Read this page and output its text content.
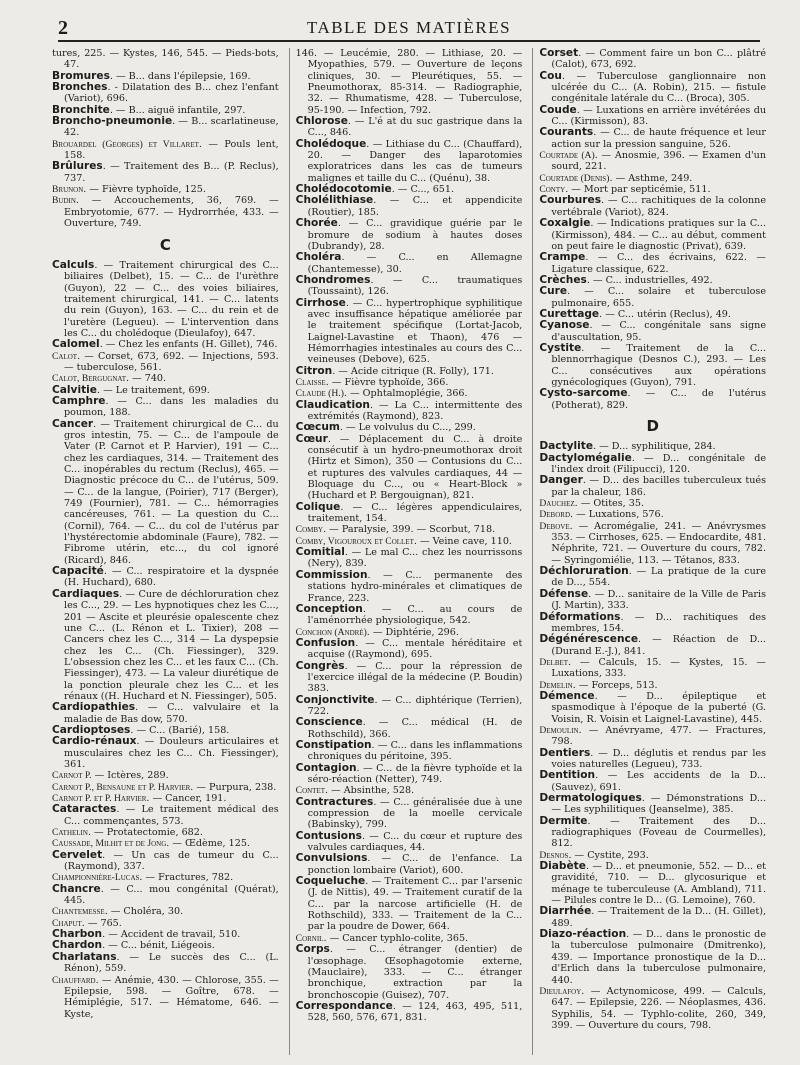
2	TABLE DES MATIÈRES

tures, 225. — Kystes, 146, 545. — Pieds-bots, 47.

Bromures. — B... dans l'épilepsie, 169.

Bronches. - Dilatation des B... chez l'enfant (Variot), 696.

Bronchite. — B... aiguë infantile, 297.

Broncho-pneumonie. — B... scarlatineuse, 42.

Brouardel (Georges) et Villaret. — Pouls lent, 158.

Brûlures. — Traitement des B... (P. Reclus), 737.

Brunon. — Fièvre typhoïde, 125.

Budin. — Accouchements, 36, 769. — Embryotomie, 677. — Hydrorrhée, 433. — Ouverture, 749.

C

Calculs. — Traitement chirurgical des C... biliaires (Delbet), 15. — C... de l'urèthre (Guyon), 22 — C... des voies biliaires, traitement chirurgical, 141. — C... latents du rein (Guyon), 163. — C... du rein et de l'uretère (Legueu). — L'intervention dans les C... du cholédoque (Dieulafoy), 647.

Calomel. — Chez les enfants (H. Gillet), 746.

Calot. — Corset, 673, 692. — Injections, 593. — tuberculose, 561.

Calot, Bergugnat. — 740.

Calvitie. — Le traitement, 699.

Camphre. — C... dans les maladies du poumon, 188.

Cancer. — Traitement chirurgical de C... du gros intestin, 75. — C... de l'ampoule de Vater (P. Carnot et P. Harvier), 191 — C... chez les cardiaques, 314. — Traitement des C... inopérables du rectum (Reclus), 465. — Diagnostic précoce du C... de l'utérus, 509. — C... de la langue, (Poirier), 717 (Berger), 749 (Fournier), 781. — C... hémorragies cancéreuses, 761. — La question du C... (Cornil), 764. — C... du col de l'utérus par l'hystérectomie abdominale (Faure), 782. — Fibrome utérin, etc..., du col ignoré (Ricard), 846.

Capacité. — C... respiratoire et la dyspnée (H. Huchard), 680.

Cardiaques. — Cure de déchloruration chez les C..., 29. — Les hypnotiques chez les C..., 201 — Ascite et pleurésie opalescente chez une C... (L. Rénon et L. Tixier), 208 — Cancers chez les C..., 314 — La dyspepsie chez les C... (Ch. Fiessinger), 329. L'obsession chez les C... et les faux C... (Ch. Fiessinger), 473. — La valeur diurétique de la ponction pleurale chez les C... et les rénaux ((H. Huchard et N. Fiessinger), 505.

Cardiopathies. — C... valvulaire et la maladie de Bas dow, 570.

Cardioptoses. — C... (Barié), 158.

Cardio-rénaux. — Douleurs articulaires et musculaires chez les C... Ch. Fiessinger), 361.

Carnot P. — Ictères, 289.

Carnot P., Bensaune et P. Harvier. — Purpura, 238.

Carnot P. et P. Harvier. — Cancer, 191.

Cataractes. — Le traitement médical des C... commençantes, 573.

Cathelin. — Protatectomie, 682.

Caussade, Milhit et de Jong. — Œdème, 125.

Cervelet. — Un cas de tumeur du C... (Raymond), 337.

Championnière-Lucas. — Fractures, 782.

Chancre. — C... mou congénital (Quérat), 445.

Chantemesse. — Choléra, 30.

Chaput. — 765.

Charbon. — Accident de travail, 510.

Chardon. — C... bénit, Liégeois.

Charlatans. — Le succès des C... (L. Rénon), 559.

Chauffard. — Anémie, 430. — Chlorose, 355. — Epilepsie, 598. — Goître, 678. — Hémiplégie, 517. — Hématome, 646. — Kyste,

146. — Leucémie, 280. — Lithiase, 20. — Myopathies, 579. — Ouverture de leçons cliniques, 30. — Pleurétiques, 55. — Pneumothorax, 85-314. — Radiographie, 32. — Rhumatisme, 428. — Tuberculose, 95-190. — Infection, 792.

Chlorose. — L'é at du suc gastrique dans la C..., 846.

Cholédoque. — Lithiase du C... (Chauffard), 20. — Danger des laparotomies exploratrices dans les cas de tumeurs malignes et taille du C... (Quénu), 38.

Cholédocotomie. — C..., 651.

Cholélithiase. — C... et appendicite (Routier), 185.

Chorée. — C... gravidique guérie par le bromure de sodium à hautes doses (Dubrandy), 28.

Choléra. — C... en Allemagne (Chantemesse), 30.

Chondromes. — C... traumatiques (Toussaint), 126.

Cirrhose. — C... hypertrophique syphilitique avec insuffisance hépatique améliorée par le traitement spécifique (Lortat-Jacob, Laignel-Lavastine et Thaon), 476 — Hémorrhagies intestinales au cours des C... veineuses (Debove), 625.

Citron. — Acide citrique (R. Folly), 171.

Claisse. — Fièvre typhoïde, 366.

Claude (H.). — Ophtalmoplégie, 366.

Claudication. — La C... intermittente des extrémités (Raymond), 823.

Cœcum. — Le volvulus du C..., 299.

Cœur. — Déplacement du C... à droite consécutif à un hydro-pneumothorax droit (Hirtz et Simon), 350 — Contusions du C... et ruptures des valvules cardiaques, 44 — Bloquage du C..., ou « Heart-Block » (Huchard et P. Bergouignan), 821.

Colique. — C... légères appendiculaires, traitement, 154.

Comby. — Paralysie, 399. — Scorbut, 718.

Comby, Vigouroux et Collet. — Veine cave, 110.

Comitial. — Le mal C... chez les nourrissons (Nery), 839.

Commission. — C... permanente des stations hydro-minérales et climatiques de France, 223.

Conception. — C... au cours de l'aménorrhée physiologique, 542.

Conchon (André). — Diphtérie, 296.

Confusion. — C... mentale héréditaire et acquise ((Raymond), 695.

Congrès. — C... pour la répression de l'exercice illégal de la médecine (P. Boudin) 383.

Conjonctivite. — C... diphtérique (Terrien), 722.

Conscience. — C... médical (H. de Rothschild), 366.

Constipation. — C... dans les inflammations chroniques du péritoine, 395.

Contagion. — C... de la fièvre typhoïde et la séro-réaction (Netter), 749.

Contet. — Absinthe, 528.

Contractures. — C... généralisée due à une compression de la moelle cervicale (Babinsky), 799.

Contusions. — C... du cœur et rupture des valvules cardiaques, 44.

Convulsions. — C... de l'enfance. La ponction lombaire (Variot), 600.

Coqueluche. — Traitement C... par l'arsenic (J. de Nittis), 49. — Traitement curatif de la C... par la narcose artificielle (H. de Rothschild), 333. — Traitement de la C... par la poudre de Dower, 664.

Cornil. — Cancer typhlo-colite, 365.

Corps. — C... étranger (dentier) de l'œsophage. Œsophagotomie externe, (Mauclaire), 333. — C... étranger bronchique, extraction par la bronchoscopie (Guisez), 707.

Correspondance. — 124, 463, 495, 511, 528, 560, 576, 671, 831.

Corset. — Comment faire un bon C... plâtré (Calot), 673, 692.

Cou. — Tuberculose ganglionnaire non ulcérée du C... (A. Robin), 215. — fistule congénitale latérale du C... (Broca), 305.

Coude. — Luxations en arrière invétérées du C... (Kirmisson), 83.

Courants. — C... de haute fréquence et leur action sur la pression sanguine, 526.

Courtade (A). — Anosmie, 396. — Examen d'un sourd, 221.

Courtade (Denis). — Asthme, 249.

Conty. — Mort par septicémie, 511.

Courbures. — C... rachitiques de la colonne vertébrale (Variot), 824.

Coxalgie. — Indications pratiques sur la C... (Kirmisson), 484. — C... au début, comment on peut faire le diagnostic (Privat), 639.

Crampe. — C... des écrivains, 622. — Ligature classique, 622.

Crèches. — C... industrielles, 492.

Cure. — C... solaire et tuberculose pulmonaire, 655.

Curettage. — C... utérin (Reclus), 49.

Cyanose. — C... congénitale sans signe d'auscultation, 95.

Cystite. — Traitement de la C... blennorrhagique (Desnos C.), 293. — Les C... consécutives aux opérations gynécologiques (Guyon), 791.

Cysto-sarcome. — C... de l'utérus (Potherat), 829.

D

Dactylite. — D... syphilitique, 284.

Dactylomégalie. — D... congénitale de l'index droit (Filipucci), 120.

Danger. — D... des bacilles tuberculeux tués par la chaleur, 186.

Dauchez. — Otites, 35.

Debord. — Luxations, 576.

Debove. — Acromégalie, 241. — Anévrysmes 353. — Cirrhoses, 625. — Endocardite, 481. Néphrite, 721. — Ouverture du cours, 782. — Syringomiélie, 113. — Tétanos, 833.

Déchloruration. — La pratique de la cure de D..., 554.

Défense. — D... sanitaire de la Ville de Paris (J. Martin), 333.

Déformations. — D... rachitiques des membres, 154.

Dégénérescence. — Réaction de D... (Durand E.-J.), 841.

Delbet. — Calculs, 15. — Kystes, 15. — Luxations, 333.

Demelin. — Forceps, 513.

Démence. — D... épileptique et spasmodique à l'époque de la puberté (G. Voisin, R. Voisin et Laignel-Lavastine), 445.

Demoulin. — Anévryame, 477. — Fractures, 798.

Dentiers. — D... déglutis et rendus par les voies naturelles (Legueu), 733.

Dentition. — Les accidents de la D... (Sauvez), 691.

Dermatologiques. — Démonstrations D... — Les syphilitiques (Jeanselme), 385.

Dermite. — Traitement des D... radiographiques (Foveau de Courmelles), 812.

Desnos. — Cystite, 293.

Diabète. — D... et pneumonie, 552. — D... et gravidité, 710. — D... glycosurique et ménage te tuberculeuse (A. Ambland), 711. — Pilules contre le D... (G. Lemoine), 760.

Diarrhée. — Traitement de la D... (H. Gillet), 489.

Diazo-réaction. — D... dans le pronostic de la tuberculose pulmonaire (Dmitrenko), 439. — Importance pronostique de la D... d'Erlich dans la tuberculose pulmonaire, 440.

Dieulafoy. — Actynomicose, 499. — Calculs, 647. — Epilepsie, 226. — Néoplasmes, 436. Syphilis, 54. — Typhlo-colite, 260, 349, 399. — Ouverture du cours, 798.
